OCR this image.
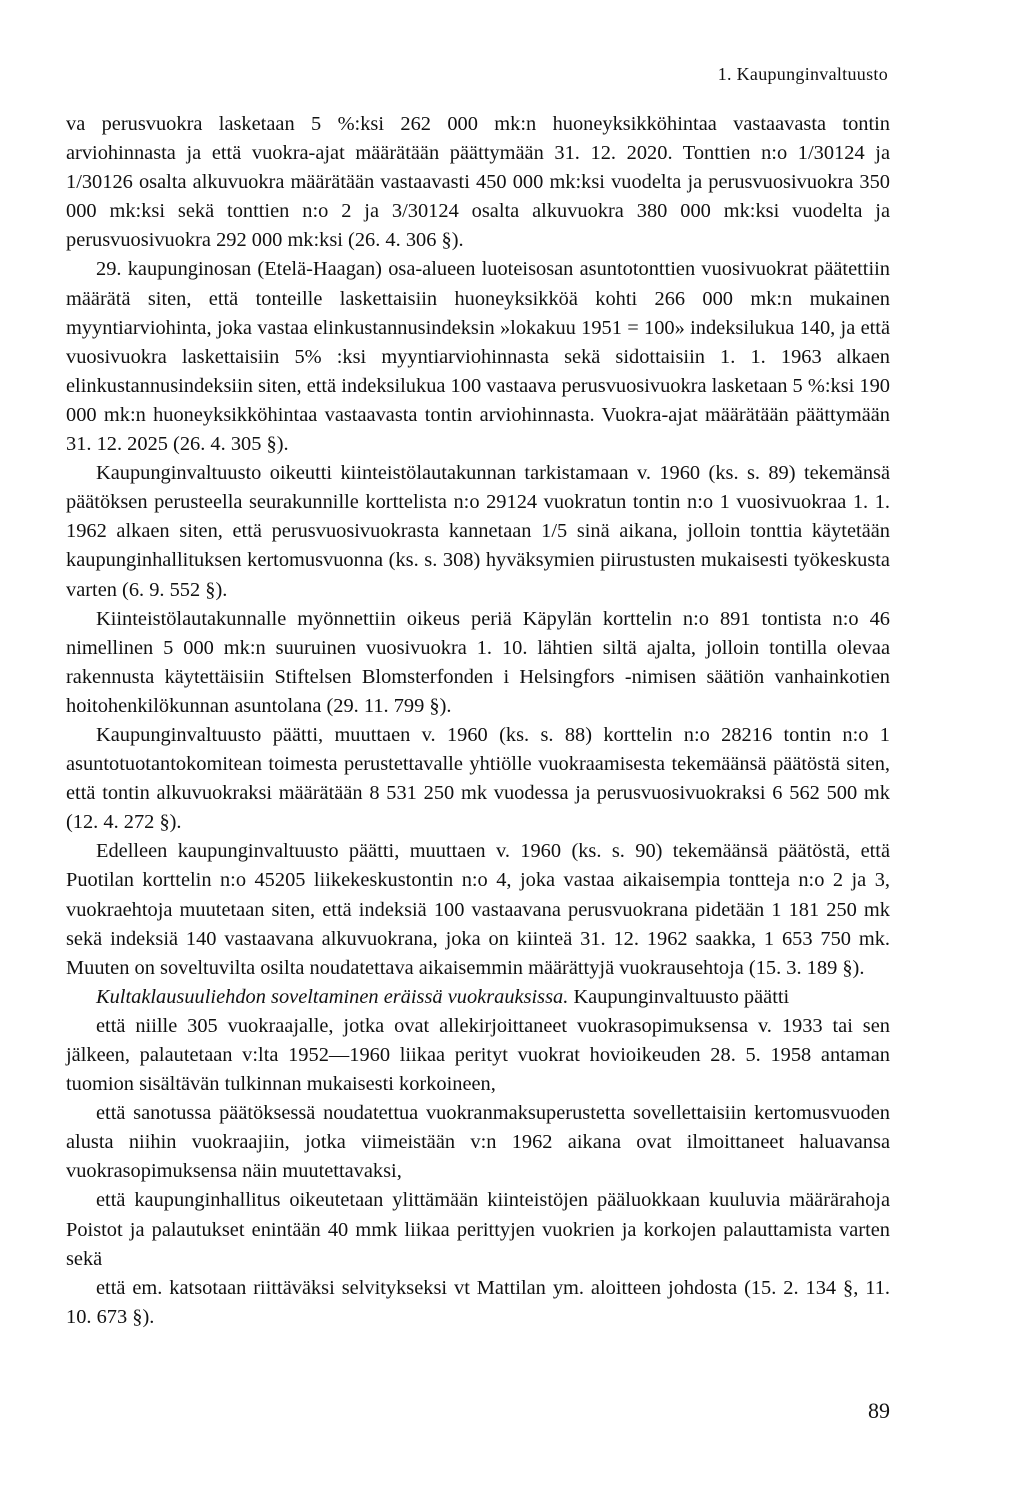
1. Kaupunginvaltuusto

va perusvuokra lasketaan 5 %:ksi 262 000 mk:n huoneyksikköhintaa vastaavasta tontin arviohinnasta ja että vuokra-ajat määrätään päättymään 31. 12. 2020. Tonttien n:o 1/30124 ja 1/30126 osalta alkuvuokra määrätään vastaavasti 450 000 mk:ksi vuodelta ja perusvuosivuokra 350 000 mk:ksi sekä tonttien n:o 2 ja 3/30124 osalta alkuvuokra 380 000 mk:ksi vuodelta ja perusvuosivuokra 292 000 mk:ksi (26. 4. 306 §).

29. kaupunginosan (Etelä-Haagan) osa-alueen luoteisosan asuntotonttien vuosivuokrat päätettiin määrätä siten, että tonteille laskettaisiin huoneyksikköä kohti 266 000 mk:n mukainen myyntiarviohinta, joka vastaa elinkustannusindeksin »lokakuu 1951 = 100» indeksilukua 140, ja että vuosivuokra laskettaisiin 5% :ksi myyntiarviohinnasta sekä sidottaisiin 1. 1. 1963 alkaen elinkustannusindeksiin siten, että indeksilukua 100 vastaava perusvuosivuokra lasketaan 5 %:ksi 190 000 mk:n huoneyksikköhintaa vastaavasta tontin arviohinnasta. Vuokra-ajat määrätään päättymään 31. 12. 2025 (26. 4. 305 §).

Kaupunginvaltuusto oikeutti kiinteistölautakunnan tarkistamaan v. 1960 (ks. s. 89) tekemänsä päätöksen perusteella seurakunnille korttelista n:o 29124 vuokratun tontin n:o 1 vuosivuokraa 1. 1. 1962 alkaen siten, että perusvuosivuokrasta kannetaan 1/5 sinä aikana, jolloin tonttia käytetään kaupunginhallituksen kertomusvuonna (ks. s. 308) hyväksymien piirustusten mukaisesti työkeskusta varten (6. 9. 552 §).

Kiinteistölautakunnalle myönnettiin oikeus periä Käpylän korttelin n:o 891 tontista n:o 46 nimellinen 5 000 mk:n suuruinen vuosivuokra 1. 10. lähtien siltä ajalta, jolloin tontilla olevaa rakennusta käytettäisiin Stiftelsen Blomsterfonden i Helsingfors -nimisen säätiön vanhainkotien hoitohenkilökunnan asuntolana (29. 11. 799 §).

Kaupunginvaltuusto päätti, muuttaen v. 1960 (ks. s. 88) korttelin n:o 28216 tontin n:o 1 asuntotuotantokomitean toimesta perustettavalle yhtiölle vuokraamisesta tekemäänsä päätöstä siten, että tontin alkuvuokraksi määrätään 8 531 250 mk vuodessa ja perusvuosivuokraksi 6 562 500 mk (12. 4. 272 §).

Edelleen kaupunginvaltuusto päätti, muuttaen v. 1960 (ks. s. 90) tekemäänsä päätöstä, että Puotilan korttelin n:o 45205 liikekeskustontin n:o 4, joka vastaa aikaisempia tontteja n:o 2 ja 3, vuokraehtoja muutetaan siten, että indeksiä 100 vastaavana perusvuokrana pidetään 1 181 250 mk sekä indeksiä 140 vastaavana alkuvuokrana, joka on kiinteä 31. 12. 1962 saakka, 1 653 750 mk. Muuten on soveltuvilta osilta noudatettava aikaisemmin määrättyjä vuokrausehtoja (15. 3. 189 §).

Kultaklausuuliehdon soveltaminen eräissä vuokrauksissa. Kaupunginvaltuusto päätti

että niille 305 vuokraajalle, jotka ovat allekirjoittaneet vuokrasopimuksensa v. 1933 tai sen jälkeen, palautetaan v:lta 1952—1960 liikaa perityt vuokrat hovioikeuden 28. 5. 1958 antaman tuomion sisältävän tulkinnan mukaisesti korkoineen,

että sanotussa päätöksessä noudatettua vuokranmaksuperustetta sovellettaisiin kertomusvuoden alusta niihin vuokraajiin, jotka viimeistään v:n 1962 aikana ovat ilmoittaneet haluavansa vuokrasopimuksensa näin muutettavaksi,

että kaupunginhallitus oikeutetaan ylittämään kiinteistöjen pääluokkaan kuuluvia määrärahoja Poistot ja palautukset enintään 40 mmk liikaa perittyjen vuokrien ja korkojen palauttamista varten sekä

että em. katsotaan riittäväksi selvitykseksi vt Mattilan ym. aloitteen johdosta (15. 2. 134 §, 11. 10. 673 §).

89
